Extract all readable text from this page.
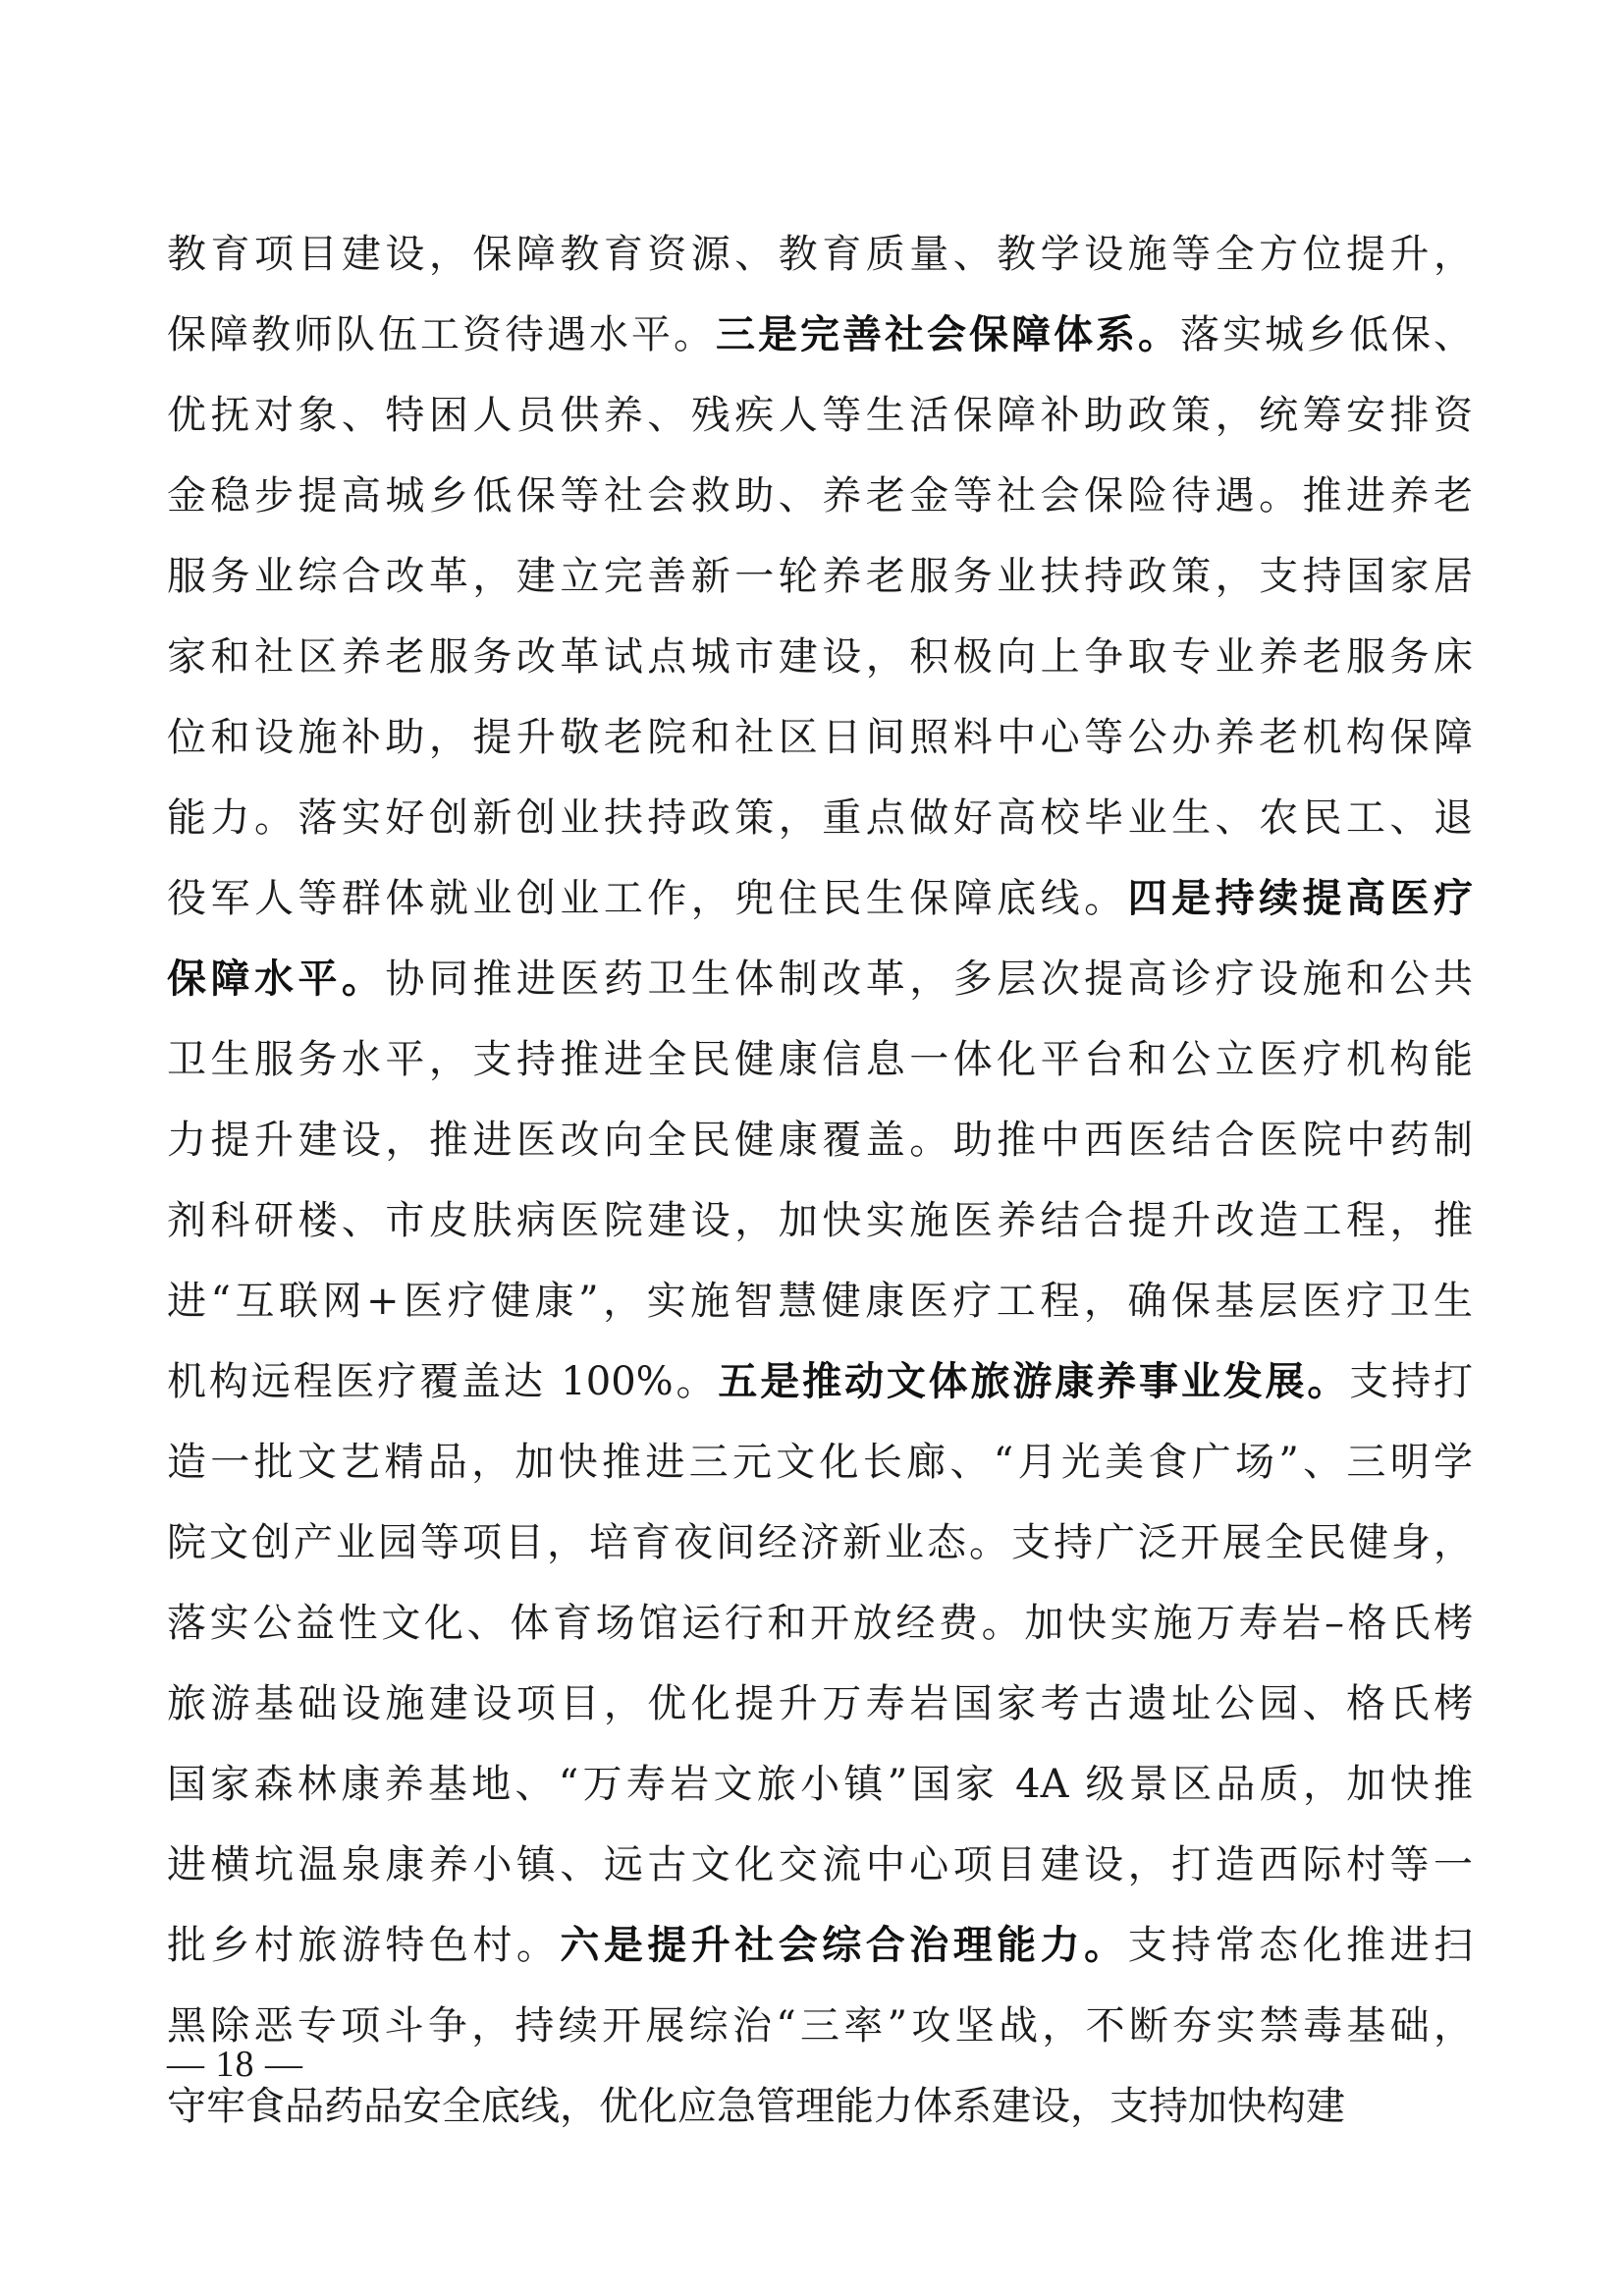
教育项目建设，保障教育资源、教育质量、教学设施等全方位提升，
保障教师队伍工资待遇水平。三是完善社会保障体系。落实城乡低保、
优抚对象、特困人员供养、残疾人等生活保障补助政策，统筹安排资
金稳步提高城乡低保等社会救助、养老金等社会保险待遇。推进养老
服务业综合改革，建立完善新一轮养老服务业扶持政策，支持国家居
家和社区养老服务改革试点城市建设，积极向上争取专业养老服务床
位和设施补助，提升敬老院和社区日间照料中心等公办养老机构保障
能力。落实好创新创业扶持政策，重点做好高校毕业生、农民工、退
役军人等群体就业创业工作，兜住民生保障底线。四是持续提高医疗
保障水平。协同推进医药卫生体制改革，多层次提高诊疗设施和公共
卫生服务水平，支持推进全民健康信息一体化平台和公立医疗机构能
力提升建设，推进医改向全民健康覆盖。助推中西医结合医院中药制
剂科研楼、市皮肤病医院建设，加快实施医养结合提升改造工程，推
进“互联网+医疗健康”，实施智慧健康医疗工程，确保基层医疗卫生
机构远程医疗覆盖达 100%。五是推动文体旅游康养事业发展。支持打
造一批文艺精品，加快推进三元文化长廊、“月光美食广场”、三明学
院文创产业园等项目，培育夜间经济新业态。支持广泛开展全民健身，
落实公益性文化、体育场馆运行和开放经费。加快实施万寿岩–格氏栲
旅游基础设施建设项目，优化提升万寿岩国家考古遗址公园、格氏栲
国家森林康养基地、“万寿岩文旅小镇”国家 4A 级景区品质，加快推
进横坑温泉康养小镇、远古文化交流中心项目建设，打造西际村等一
批乡村旅游特色村。六是提升社会综合治理能力。支持常态化推进扫
黑除恶专项斗争，持续开展综治“三率”攻坚战，不断夯实禁毒基础，
守牢食品药品安全底线，优化应急管理能力体系建设，支持加快构建
— 18 —
